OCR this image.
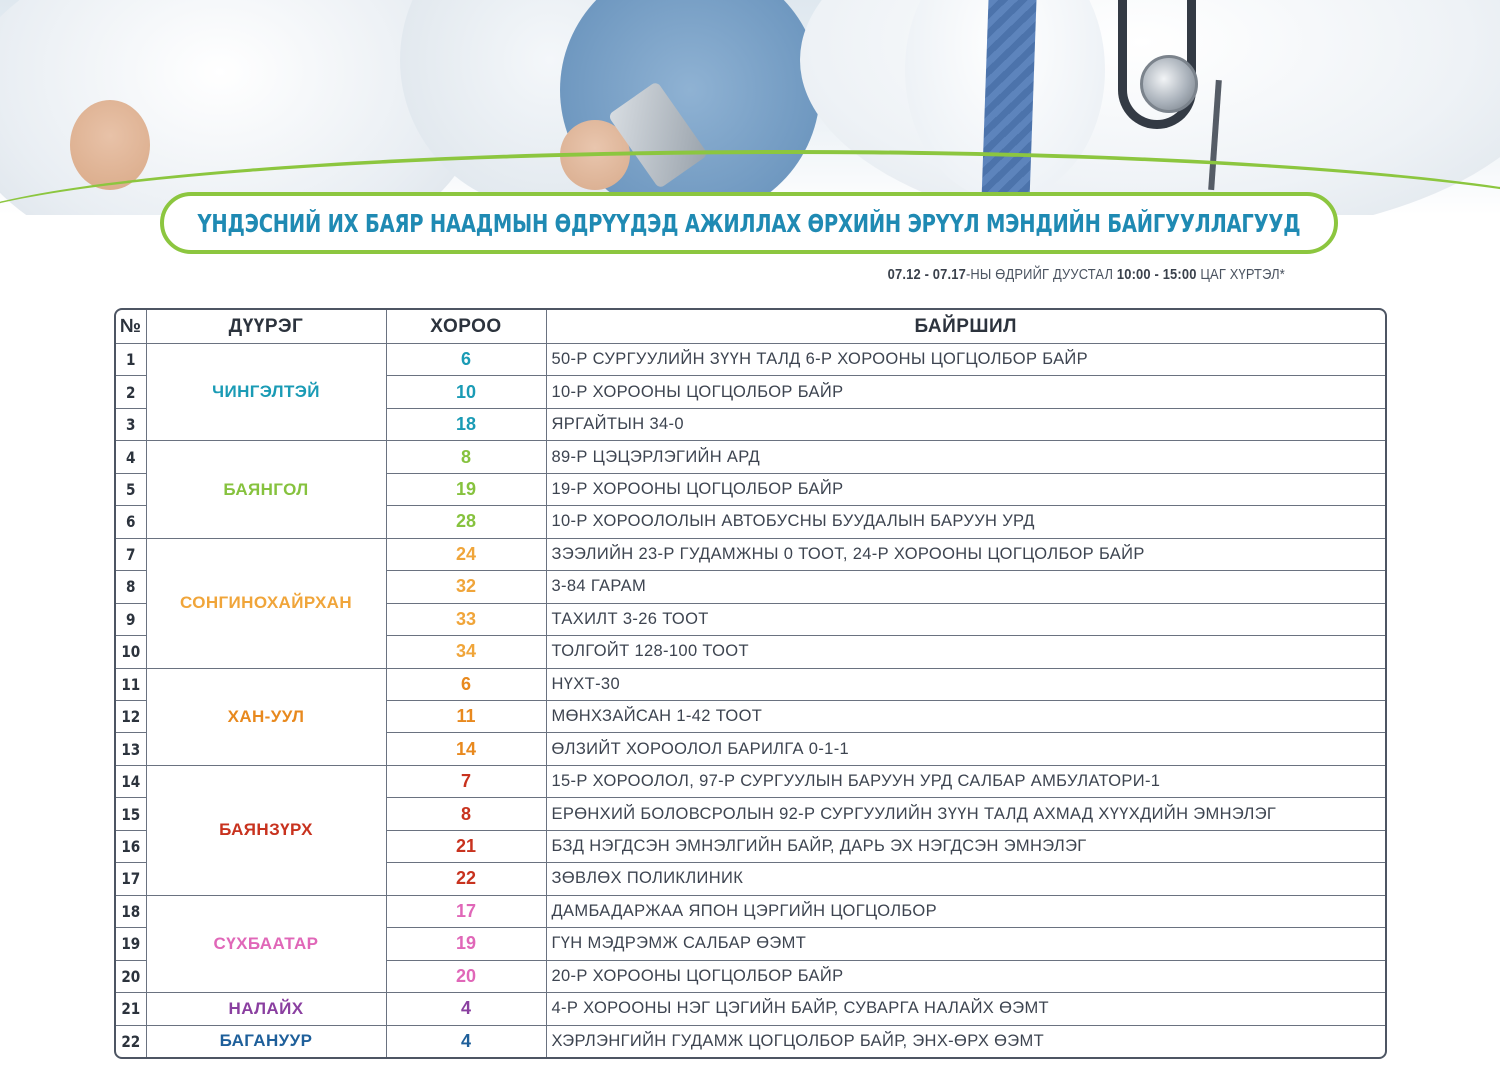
ҮНДЭСНИЙ ИХ БАЯР НААДМЫН ӨДРҮҮДЭД АЖИЛЛАХ ӨРХИЙН ЭРҮҮЛ МЭНДИЙН БАЙГУУЛЛАГУУД
07.12 - 07.17-НЫ ӨДРИЙГ ДУУСТАЛ 10:00 - 15:00 ЦАГ ХҮРТЭЛ*
№	ДҮҮРЭГ	ХОРОО	БАЙРШИЛ
1	ЧИНГЭЛТЭЙ	6	50-Р СУРГУУЛИЙН ЗҮҮН ТАЛД 6-Р ХОРООНЫ ЦОГЦОЛБОР БАЙР
2		10	10-Р ХОРООНЫ ЦОГЦОЛБОР БАЙР
3		18	ЯРГАЙТЫН 34-0
4	БАЯНГОЛ	8	89-Р ЦЭЦЭРЛЭГИЙН АРД
5		19	19-Р ХОРООНЫ ЦОГЦОЛБОР БАЙР
6		28	10-Р ХОРООЛОЛЫН АВТОБУСНЫ БУУДАЛЫН БАРУУН УРД
7	СОНГИНОХАЙРХАН	24	ЗЭЭЛИЙН 23-Р ГУДАМЖНЫ 0 ТООТ, 24-Р ХОРООНЫ ЦОГЦОЛБОР БАЙР
8		32	3-84 ГАРАМ
9		33	ТАХИЛТ 3-26 ТООТ
10		34	ТОЛГОЙТ 128-100 ТООТ
11	ХАН-УУЛ	6	НҮХТ-30
12		11	МӨНХЗАЙСАН 1-42 ТООТ
13		14	ӨЛЗИЙТ ХОРООЛОЛ БАРИЛГА 0-1-1
14	БАЯНЗҮРХ	7	15-Р ХОРООЛОЛ, 97-Р СУРГУУЛЫН БАРУУН УРД САЛБАР АМБУЛАТОРИ-1
15		8	ЕРӨНХИЙ БОЛОВСРОЛЫН 92-Р СУРГУУЛИЙН ЗҮҮН ТАЛД АХМАД ХҮҮХДИЙН ЭМНЭЛЭГ
16		21	БЗД НЭГДСЭН ЭМНЭЛГИЙН БАЙР, ДАРЬ ЭХ НЭГДСЭН ЭМНЭЛЭГ
17		22	ЗӨВЛӨХ ПОЛИКЛИНИК
18	СҮХБААТАР	17	ДАМБАДАРЖАА ЯПОН ЦЭРГИЙН ЦОГЦОЛБОР
19		19	ГҮН МЭДРЭМЖ САЛБАР ӨЭМТ
20		20	20-Р ХОРООНЫ ЦОГЦОЛБОР БАЙР
21	НАЛАЙХ	4	4-Р ХОРООНЫ НЭГ ЦЭГИЙН БАЙР, СУВАРГА НАЛАЙХ ӨЭМТ
22	БАГАНУУР	4	ХЭРЛЭНГИЙН ГУДАМЖ ЦОГЦОЛБОР БАЙР, ЭНХ-ӨРХ ӨЭМТ
